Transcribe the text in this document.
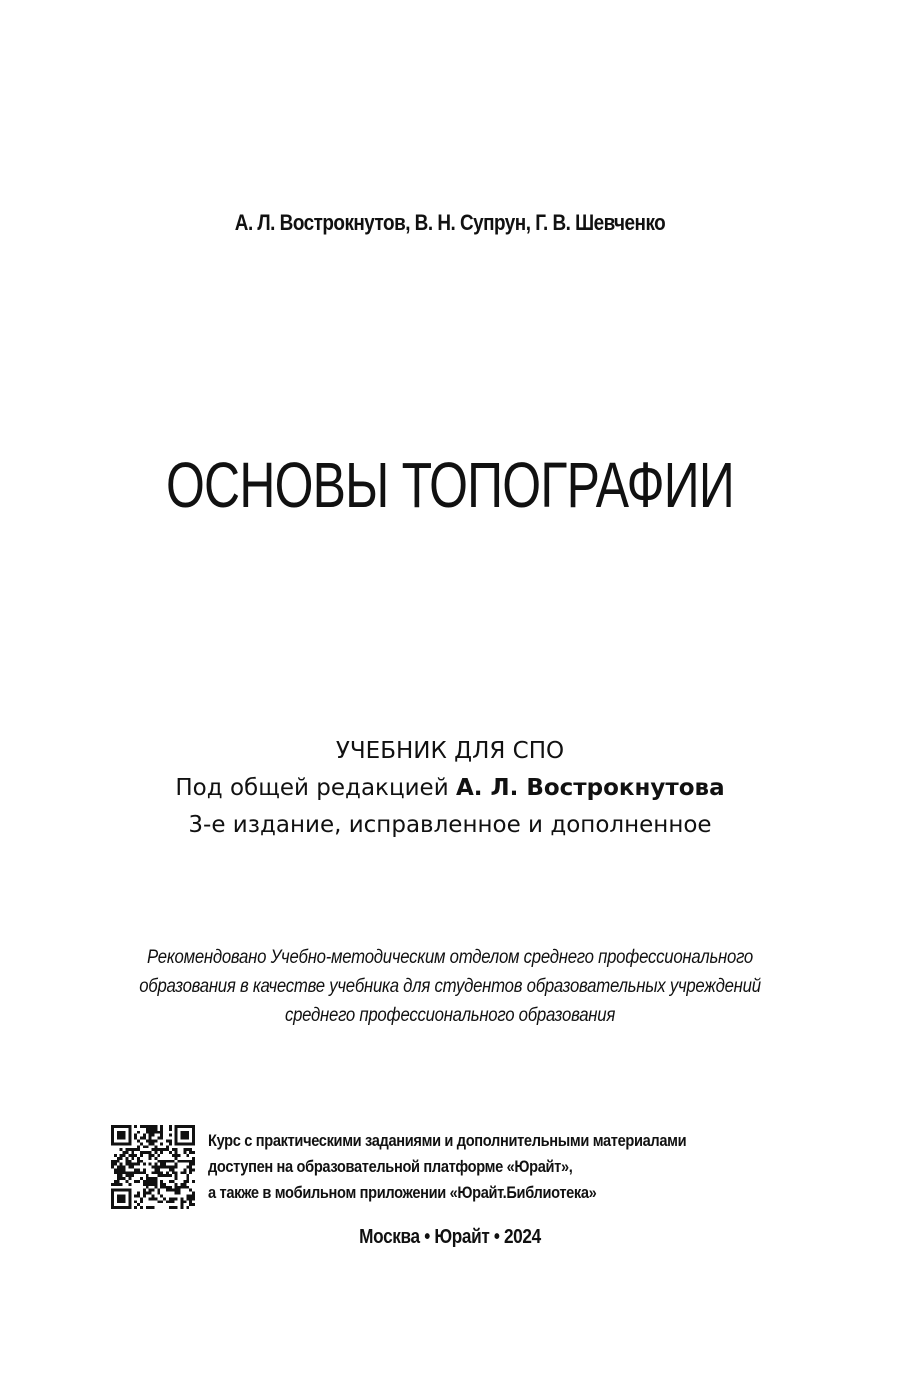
А. Л. Вострокнутов, В. Н. Супрун, Г. В. Шевченко
ОСНОВЫ ТОПОГРАФИИ
УЧЕБНИК ДЛЯ СПО
Под общей редакцией А. Л. Вострокнутова
3-е издание, исправленное и дополненное
Рекомендовано Учебно-методическим отделом среднего профессионального
образования в качестве учебника для студентов образовательных учреждений
среднего профессионального образования
Курс с практическими заданиями и дополнительными материалами
доступен на образовательной платформе «Юрайт»,
а также в мобильном приложении «Юрайт.Библиотека»
Москва • Юрайт • 2024
